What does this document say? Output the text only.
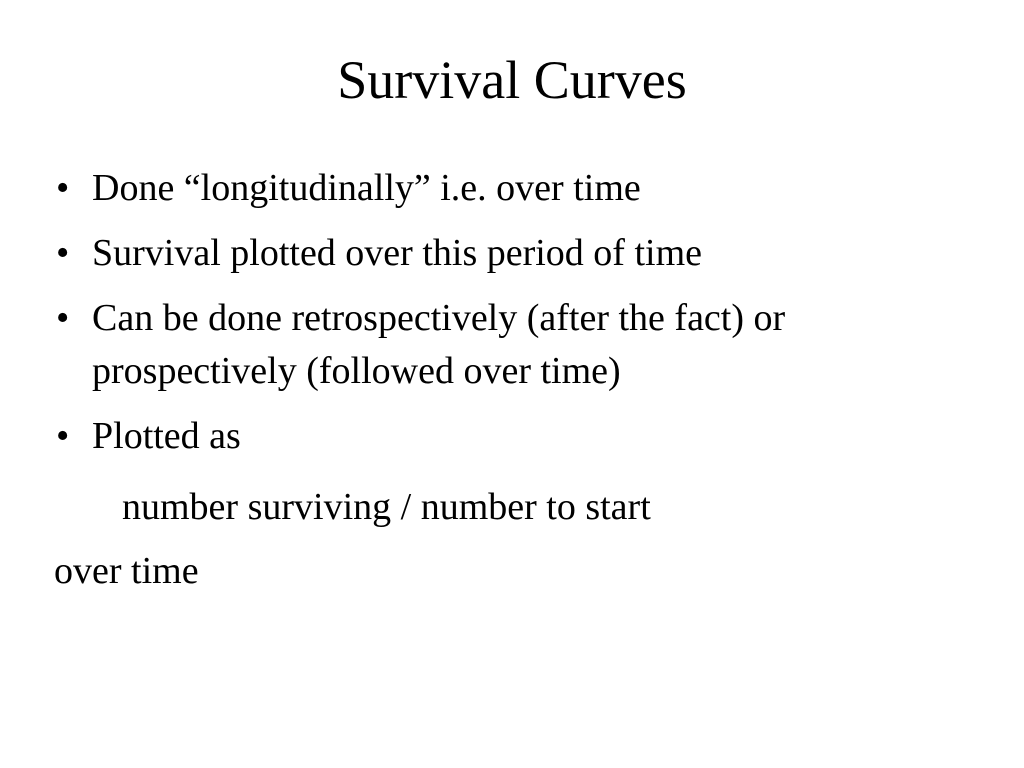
Survival Curves
• Done “longitudinally” i.e. over time
• Survival plotted over this period of time
• Can be done retrospectively (after the fact) or prospectively (followed over time)
• Plotted as

number surviving / number to start

over time
